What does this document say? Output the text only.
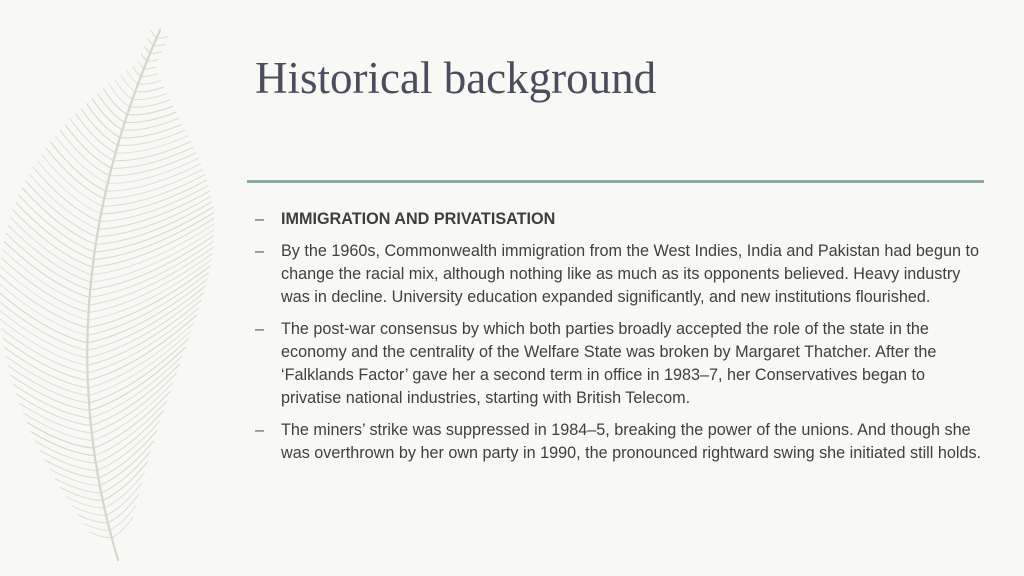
Historical background
–	IMMIGRATION AND PRIVATISATION
–	By the 1960s, Commonwealth immigration from the West Indies, India and Pakistan had begun to change the racial mix, although nothing like as much as its opponents believed. Heavy industry was in decline. University education expanded significantly, and new institutions flourished.
–	The post-war consensus by which both parties broadly accepted the role of the state in the economy and the centrality of the Welfare State was broken by Margaret Thatcher. After the ‘Falklands Factor’ gave her a second term in office in 1983–7, her Conservatives began to privatise national industries, starting with British Telecom.
–	The miners’ strike was suppressed in 1984–5, breaking the power of the unions. And though she was overthrown by her own party in 1990, the pronounced rightward swing she initiated still holds.
